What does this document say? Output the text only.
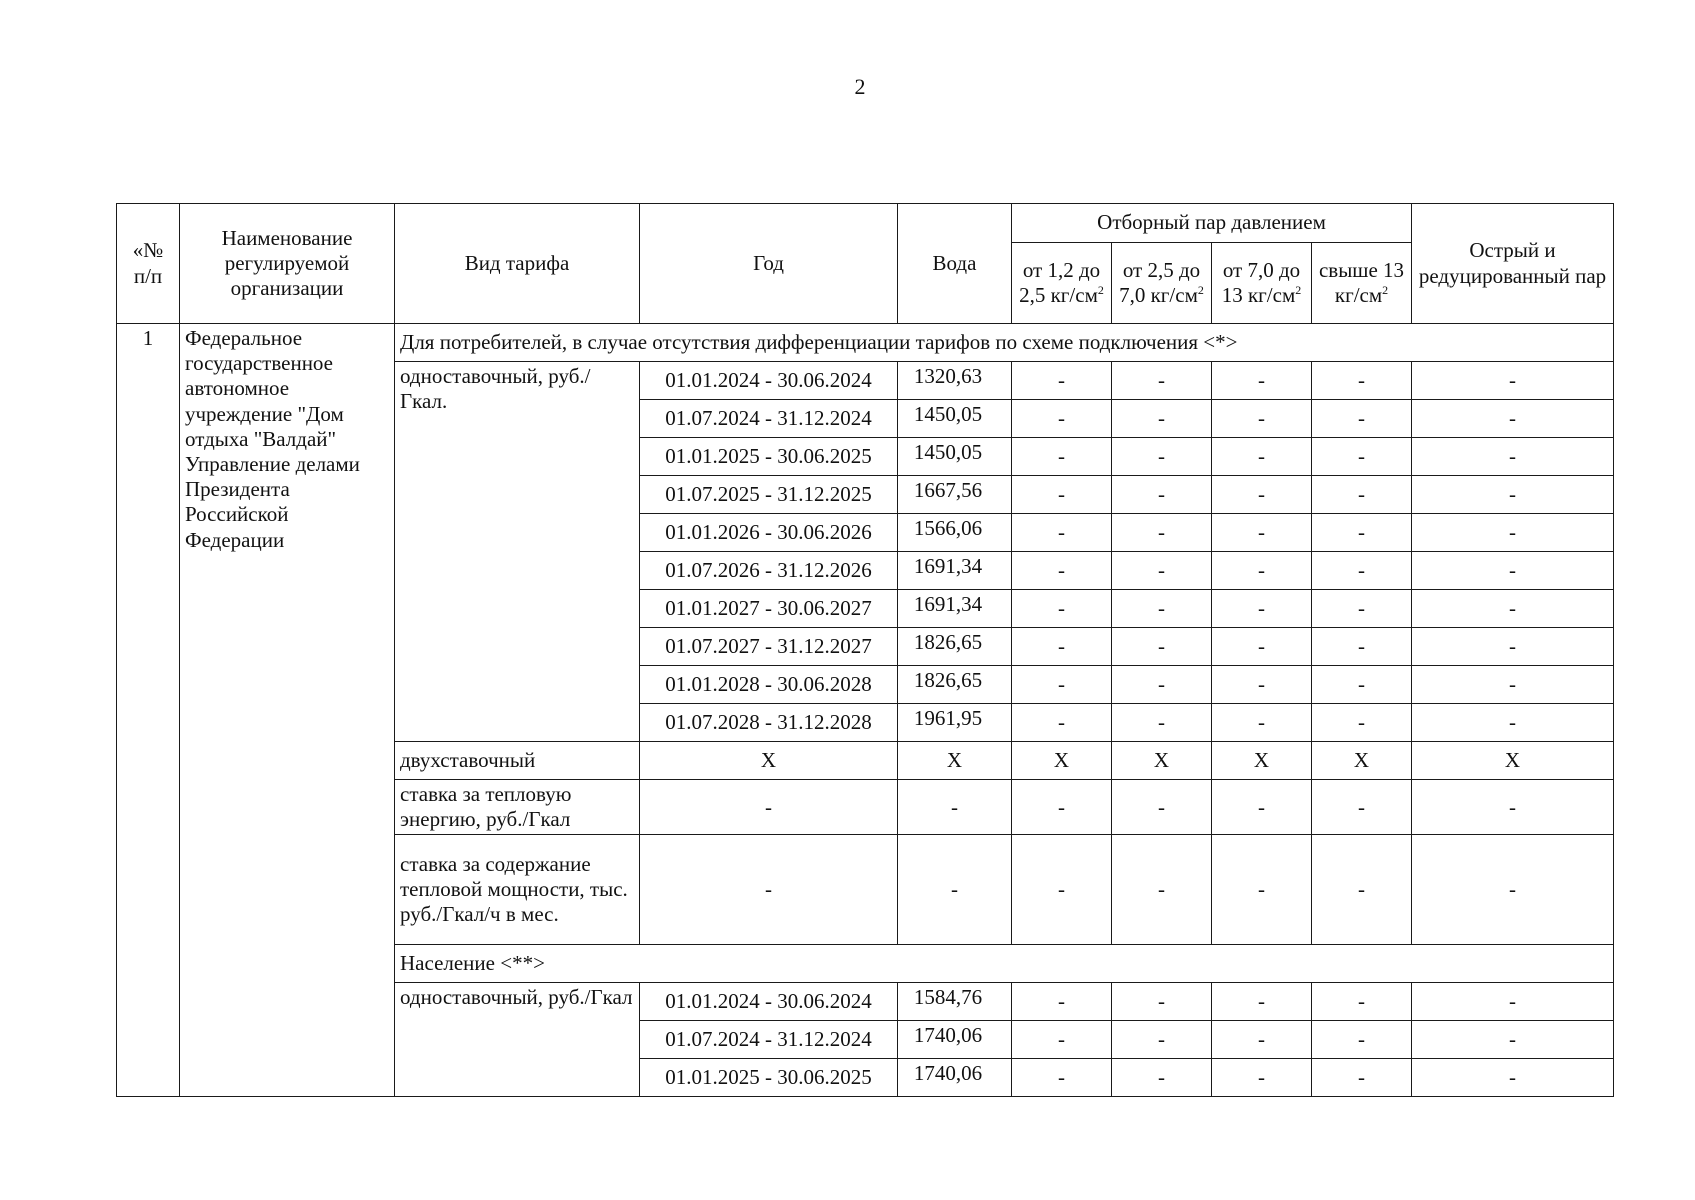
2
«№ п/п	Наименование регулируемой организации	Вид тарифа	Год	Вода	Отборный пар давлением				Острый и редуцированный пар
					от 1,2 до 2,5 $кг/см^2$	от 2,5 до 7,0 $кг/см^2$	от 7,0 до 13 $кг/см^2$	свыше 13 $кг/см^2$
1	Федеральное государственное автономное учреждение "Дом отдыха "Валдай" Управление делами Президента Российской Федерации	Для потребителей, в случае отсутствия дифференциации тарифов по схеме подключения <*>							
		одноставочный, руб./Гкал.	01.01.2024 - 30.06.2024	1320,63	-	-	-	-	-
			01.07.2024 - 31.12.2024	1450,05	-	-	-	-	-
			01.01.2025 - 30.06.2025	1450,05	-	-	-	-	-
			01.07.2025 - 31.12.2025	1667,56	-	-	-	-	-
			01.01.2026 - 30.06.2026	1566,06	-	-	-	-	-
			01.07.2026 - 31.12.2026	1691,34	-	-	-	-	-
			01.01.2027 - 30.06.2027	1691,34	-	-	-	-	-
			01.07.2027 - 31.12.2027	1826,65	-	-	-	-	-
			01.01.2028 - 30.06.2028	1826,65	-	-	-	-	-
			01.07.2028 - 31.12.2028	1961,95	-	-	-	-	-
		двухставочный	X	X	X	X	X	X	X
		ставка за тепловую энергию, руб./Гкал	-	-	-	-	-	-	-
		ставка за содержание тепловой мощности, тыс. руб./Гкал/ч в мес.	-	-	-	-	-	-	-
		Население <**>							
		одноставочный, руб./Гкал	01.01.2024 - 30.06.2024	1584,76	-	-	-	-	-
			01.07.2024 - 31.12.2024	1740,06	-	-	-	-	-
			01.01.2025 - 30.06.2025	1740,06	-	-	-	-	-
